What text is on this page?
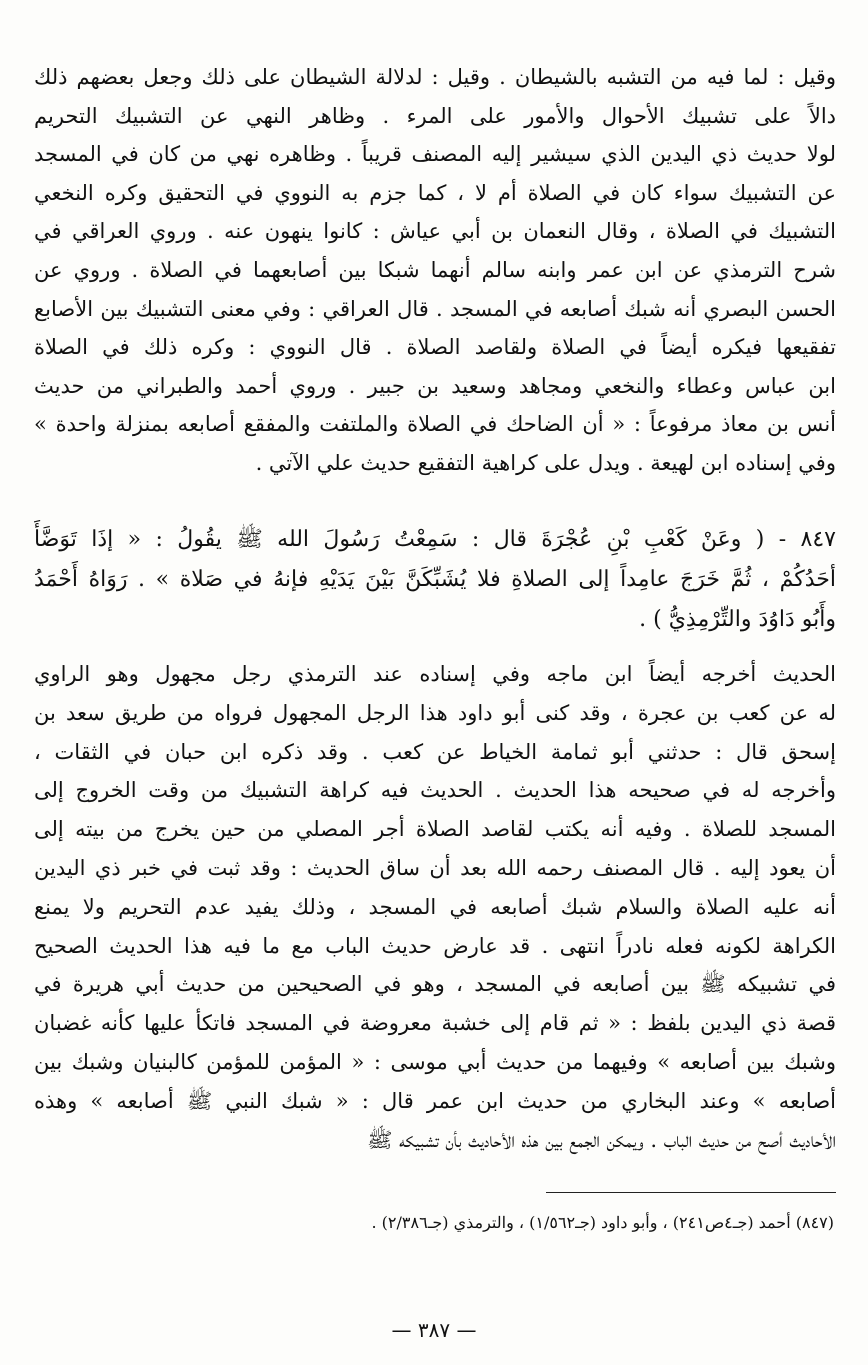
وقيل : لما فيه من التشبه بالشيطان . وقيل : لدلالة الشيطان على ذلك وجعل بعضهم ذلك
دالاً على تشبيك الأحوال والأمور على المرء . وظاهر النهي عن التشبيك التحريم
لولا حديث ذي اليدين الذي سيشير إليه المصنف قريباً . وظاهره نهي من كان في المسجد
عن التشبيك سواء كان في الصلاة أم لا ، كما جزم به النووي في التحقيق وكره النخعي
التشبيك في الصلاة ، وقال النعمان بن أبي عياش : كانوا ينهون عنه . وروي العراقي في
شرح الترمذي عن ابن عمر وابنه سالم أنهما شبكا بين أصابعهما في الصلاة . وروي عن
الحسن البصري أنه شبك أصابعه في المسجد . قال العراقي : وفي معنى التشبيك بين الأصابع
تفقيعها فيكره أيضاً في الصلاة ولقاصد الصلاة . قال النووي : وكره ذلك في الصلاة
ابن عباس وعطاء والنخعي ومجاهد وسعيد بن جبير . وروي أحمد والطبراني من حديث
أنس بن معاذ مرفوعاً : « أن الضاحك في الصلاة والملتفت والمفقع أصابعه بمنزلة واحدة »
وفي إسناده ابن لهيعة . ويدل على كراهية التفقيع حديث علي الآتي .
٨٤٧ - ( وعَنْ كَعْبِ بْنِ عُجْرَةَ قال : سَمِعْتُ رَسُولَ الله ﷺ يقُولُ : « إذَا تَوَضَّأَ
أحَدُكُمْ ، ثُمَّ خَرَجَ عامِداً إلى الصلاةِ فلا يُشَبِّكَنَّ بَيْنَ يَدَيْهِ فإنهُ في صَلاة » . رَوَاهُ أَحْمَدُ
وأَبُو دَاوُدَ والتِّرْمِذِيُّ ) .
الحديث أخرجه أيضاً ابن ماجه وفي إسناده عند الترمذي رجل مجهول وهو الراوي
له عن كعب بن عجرة ، وقد كنى أبو داود هذا الرجل المجهول فرواه من طريق سعد بن
إسحق قال : حدثني أبو ثمامة الخياط عن كعب . وقد ذكره ابن حبان في الثقات ،
وأخرجه له في صحيحه هذا الحديث . الحديث فيه كراهة التشبيك من وقت الخروج إلى
المسجد للصلاة . وفيه أنه يكتب لقاصد الصلاة أجر المصلي من حين يخرج من بيته إلى
أن يعود إليه . قال المصنف رحمه الله بعد أن ساق الحديث : وقد ثبت في خبر ذي اليدين
أنه عليه الصلاة والسلام شبك أصابعه في المسجد ، وذلك يفيد عدم التحريم ولا يمنع
الكراهة لكونه فعله نادراً انتهى . قد عارض حديث الباب مع ما فيه هذا الحديث الصحيح
في تشبيكه ﷺ بين أصابعه في المسجد ، وهو في الصحيحين من حديث أبي هريرة في
قصة ذي اليدين بلفظ : « ثم قام إلى خشبة معروضة في المسجد فاتكأ عليها كأنه غضبان
وشبك بين أصابعه » وفيهما من حديث أبي موسى : « المؤمن للمؤمن كالبنيان وشبك بين
أصابعه » وعند البخاري من حديث ابن عمر قال : « شبك النبي ﷺ أصابعه » وهذه
الأحاديث أصح من حديث الباب . ويمكن الجمع بين هذه الأحاديث بأن تشبيكه ﷺ
(٨٤٧) أحمد (جـ٤ص٢٤١) ، وأبو داود (جـ١/٥٦٢) ، والترمذي (جـ٢/٣٨٦) .
— ٣٨٧ —
